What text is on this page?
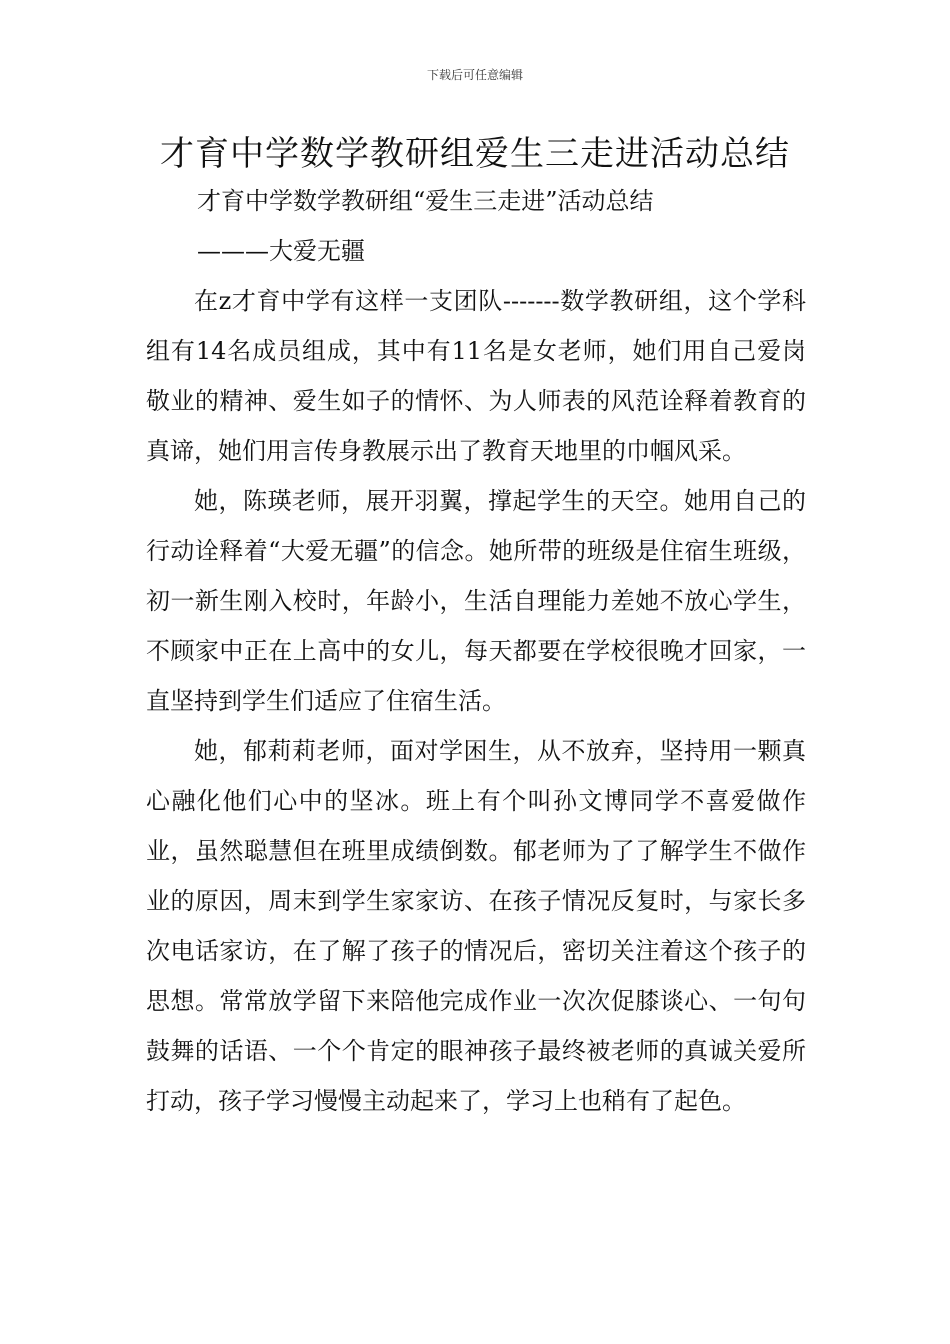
下载后可任意编辑
才育中学数学教研组爱生三走进活动总结
才育中学数学教研组“爱生三走进”活动总结
———大爱无疆

在z才育中学有这样一支团队-------数学教研组，这个学科组有14名成员组成，其中有11名是女老师，她们用自己爱岗敬业的精神、爱生如子的情怀、为人师表的风范诠释着教育的真谛，她们用言传身教展示出了教育天地里的巾帼风采。

她，陈瑛老师，展开羽翼，撑起学生的天空。她用自己的行动诠释着“大爱无疆”的信念。她所带的班级是住宿生班级，初一新生刚入校时，年龄小，生活自理能力差她不放心学生，不顾家中正在上高中的女儿，每天都要在学校很晚才回家，一直坚持到学生们适应了住宿生活。

她，郁莉莉老师，面对学困生，从不放弃，坚持用一颗真心融化他们心中的坚冰。班上有个叫孙文博同学不喜爱做作业，虽然聪慧但在班里成绩倒数。郁老师为了了解学生不做作业的原因，周末到学生家家访、在孩子情况反复时，与家长多次电话家访，在了解了孩子的情况后，密切关注着这个孩子的思想。常常放学留下来陪他完成作业一次次促膝谈心、一句句鼓舞的话语、一个个肯定的眼神孩子最终被老师的真诚关爱所打动，孩子学习慢慢主动起来了，学习上也稍有了起色。
